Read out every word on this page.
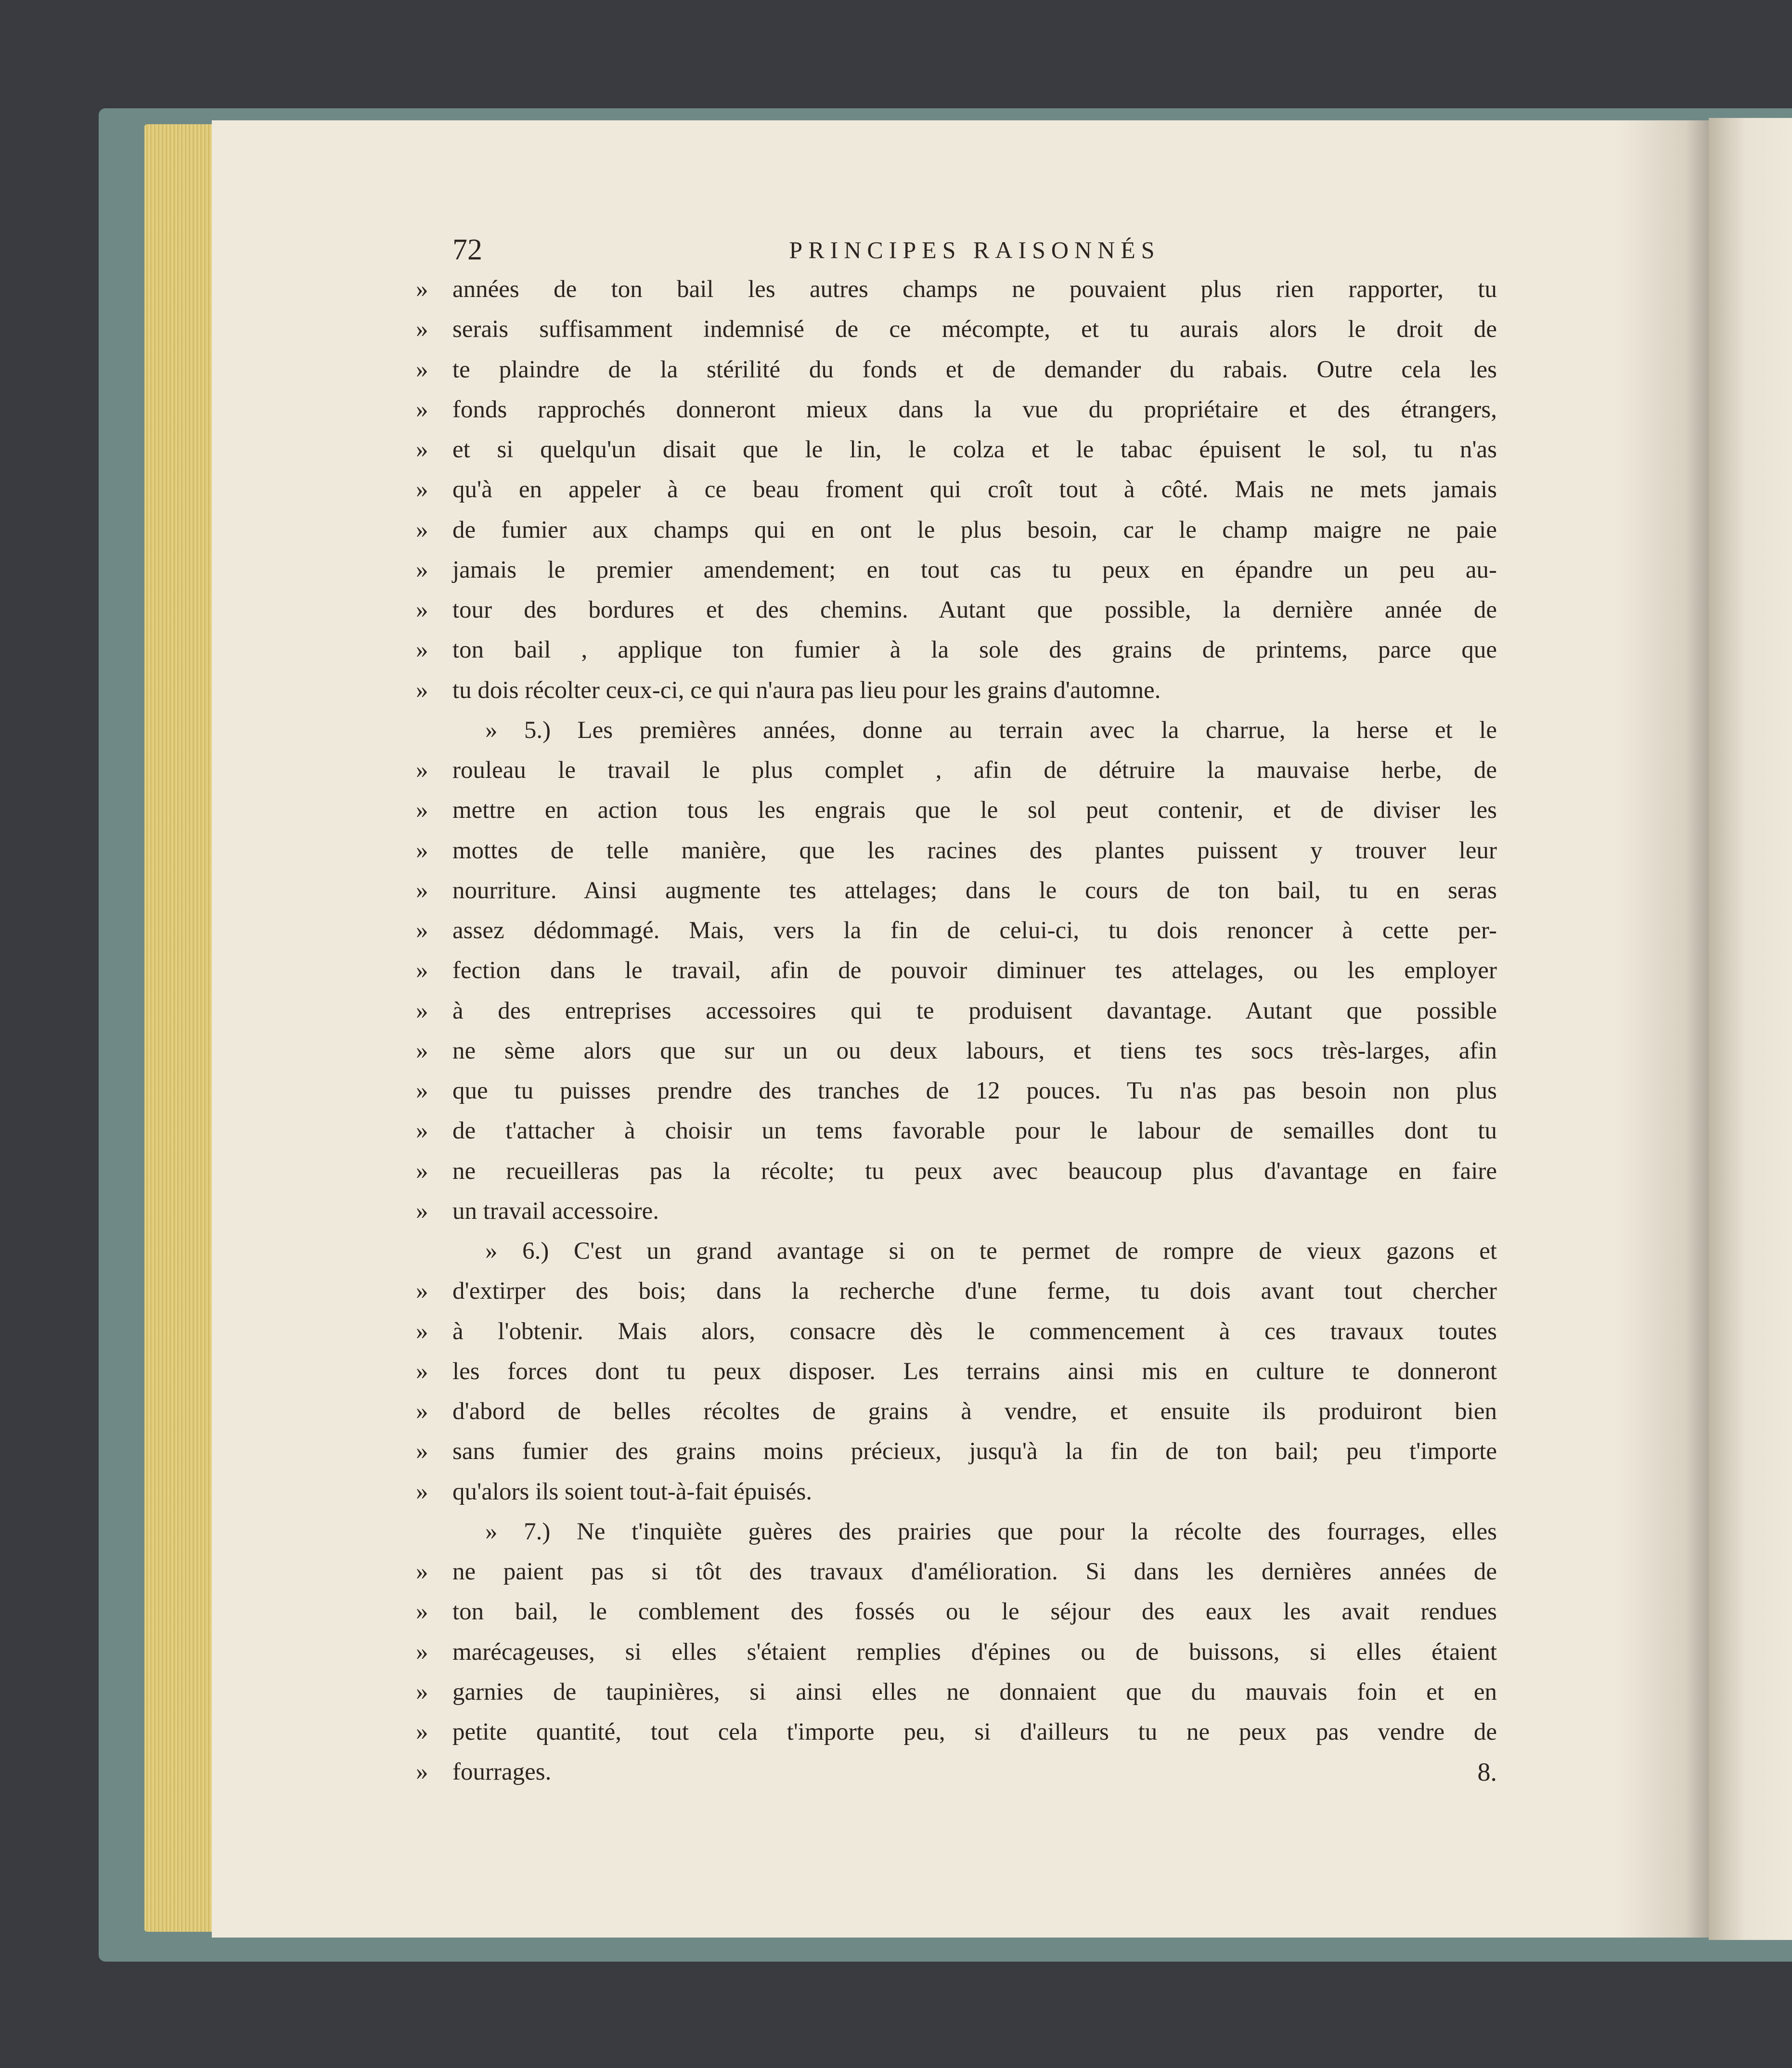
72	PRINCIPES RAISONNÉS
» années de ton bail les autres champs ne pouvaient plus rien rapporter, tu
» serais suffisamment indemnisé de ce mécompte, et tu aurais alors le droit de
» te plaindre de la stérilité du fonds et de demander du rabais. Outre cela les
» fonds rapprochés donneront mieux dans la vue du propriétaire et des étrangers,
» et si quelqu'un disait que le lin, le colza et le tabac épuisent le sol, tu n'as
» qu'à en appeler à ce beau froment qui croît tout à côté. Mais ne mets jamais
» de fumier aux champs qui en ont le plus besoin, car le champ maigre ne paie
» jamais le premier amendement; en tout cas tu peux en épandre un peu au-
» tour des bordures et des chemins. Autant que possible, la dernière année de
» ton bail , applique ton fumier à la sole des grains de printems, parce que
» tu dois récolter ceux-ci, ce qui n'aura pas lieu pour les grains d'automne.
» 5.) Les premières années, donne au terrain avec la charrue, la herse et le
» rouleau le travail le plus complet , afin de détruire la mauvaise herbe, de
» mettre en action tous les engrais que le sol peut contenir, et de diviser les
» mottes de telle manière, que les racines des plantes puissent y trouver leur
» nourriture. Ainsi augmente tes attelages; dans le cours de ton bail, tu en seras
» assez dédommagé. Mais, vers la fin de celui-ci, tu dois renoncer à cette per-
» fection dans le travail, afin de pouvoir diminuer tes attelages, ou les employer
» à des entreprises accessoires qui te produisent davantage. Autant que possible
» ne sème alors que sur un ou deux labours, et tiens tes socs très-larges, afin
» que tu puisses prendre des tranches de 12 pouces. Tu n'as pas besoin non plus
» de t'attacher à choisir un tems favorable pour le labour de semailles dont tu
» ne recueilleras pas la récolte; tu peux avec beaucoup plus d'avantage en faire
» un travail accessoire.
» 6.) C'est un grand avantage si on te permet de rompre de vieux gazons et
» d'extirper des bois; dans la recherche d'une ferme, tu dois avant tout chercher
» à l'obtenir. Mais alors, consacre dès le commencement à ces travaux toutes
» les forces dont tu peux disposer. Les terrains ainsi mis en culture te donneront
» d'abord de belles récoltes de grains à vendre, et ensuite ils produiront bien
» sans fumier des grains moins précieux, jusqu'à la fin de ton bail; peu t'importe
» qu'alors ils soient tout-à-fait épuisés.
» 7.) Ne t'inquiète guères des prairies que pour la récolte des fourrages, elles
» ne paient pas si tôt des travaux d'amélioration. Si dans les dernières années de
» ton bail, le comblement des fossés ou le séjour des eaux les avait rendues
» marécageuses, si elles s'étaient remplies d'épines ou de buissons, si elles étaient
» garnies de taupinières, si ainsi elles ne donnaient que du mauvais foin et en
» petite quantité, tout cela t'importe peu, si d'ailleurs tu ne peux pas vendre de
» fourrages.	8.
